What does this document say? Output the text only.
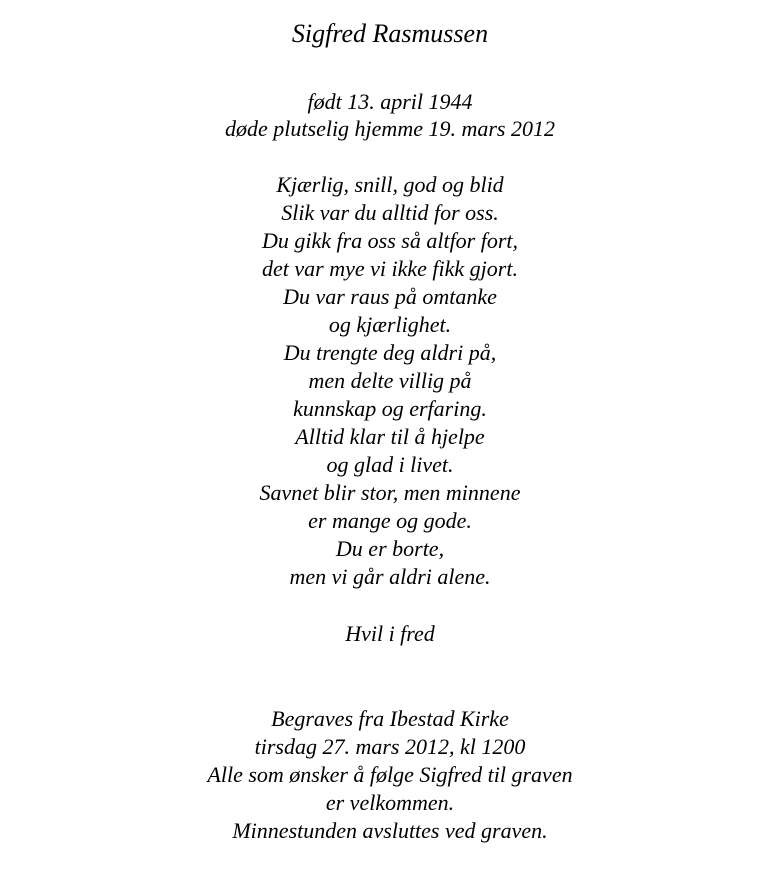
Sigfred Rasmussen
født 13. april 1944
døde plutselig hjemme 19. mars 2012
Kjærlig, snill, god og blid
Slik var du alltid for oss.
Du gikk fra oss så altfor fort,
det var mye vi ikke fikk gjort.
Du var raus på omtanke
og kjærlighet.
Du trengte deg aldri på,
men delte villig på
kunnskap og erfaring.
Alltid klar til å hjelpe
og glad i livet.
Savnet blir stor, men minnene
er mange og gode.
Du er borte,
men vi går aldri alene.
Hvil i fred
Begraves fra Ibestad Kirke
tirsdag 27. mars 2012, kl 1200
Alle som ønsker å følge Sigfred til graven
er velkommen.
Minnestunden avsluttes ved graven.
